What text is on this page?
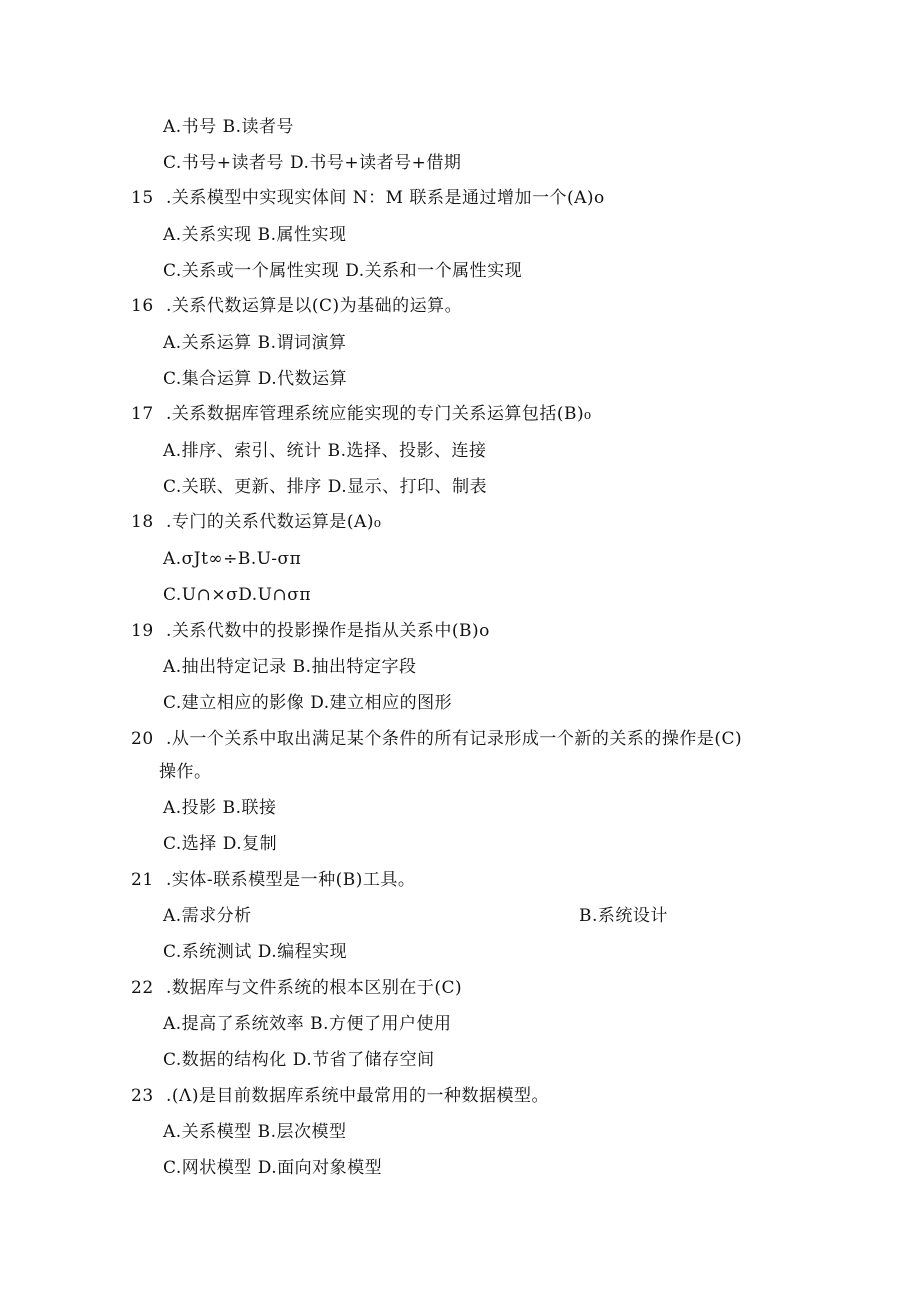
A.书号 B.读者号
C.书号+读者号 D.书号+读者号+借期
15 .关系模型中实现实体间 N：M 联系是通过增加一个(A)o
A.关系实现 B.属性实现
C.关系或一个属性实现 D.关系和一个属性实现
16 .关系代数运算是以(C)为基础的运算。
A.关系运算 B.谓词演算
C.集合运算 D.代数运算
17 .关系数据库管理系统应能实现的专门关系运算包括(B)₀
A.排序、索引、统计 B.选择、投影、连接
C.关联、更新、排序 D.显示、打印、制表
18 .专门的关系代数运算是(A)₀
A.σJt∞÷B.U-σπ
C.U∩×σD.U∩σπ
19 .关系代数中的投影操作是指从关系中(B)o
A.抽出特定记录 B.抽出特定字段
C.建立相应的影像 D.建立相应的图形
20 .从一个关系中取出满足某个条件的所有记录形成一个新的关系的操作是(C)
操作。
A.投影 B.联接
C.选择 D.复制
21 .实体-联系模型是一种(B)工具。
A.需求分析	B.系统设计
C.系统测试 D.编程实现
22 .数据库与文件系统的根本区别在于(C)
A.提高了系统效率 B.方便了用户使用
C.数据的结构化 D.节省了储存空间
23 .(Λ)是目前数据库系统中最常用的一种数据模型。
A.关系模型 B.层次模型
C.网状模型 D.面向对象模型
